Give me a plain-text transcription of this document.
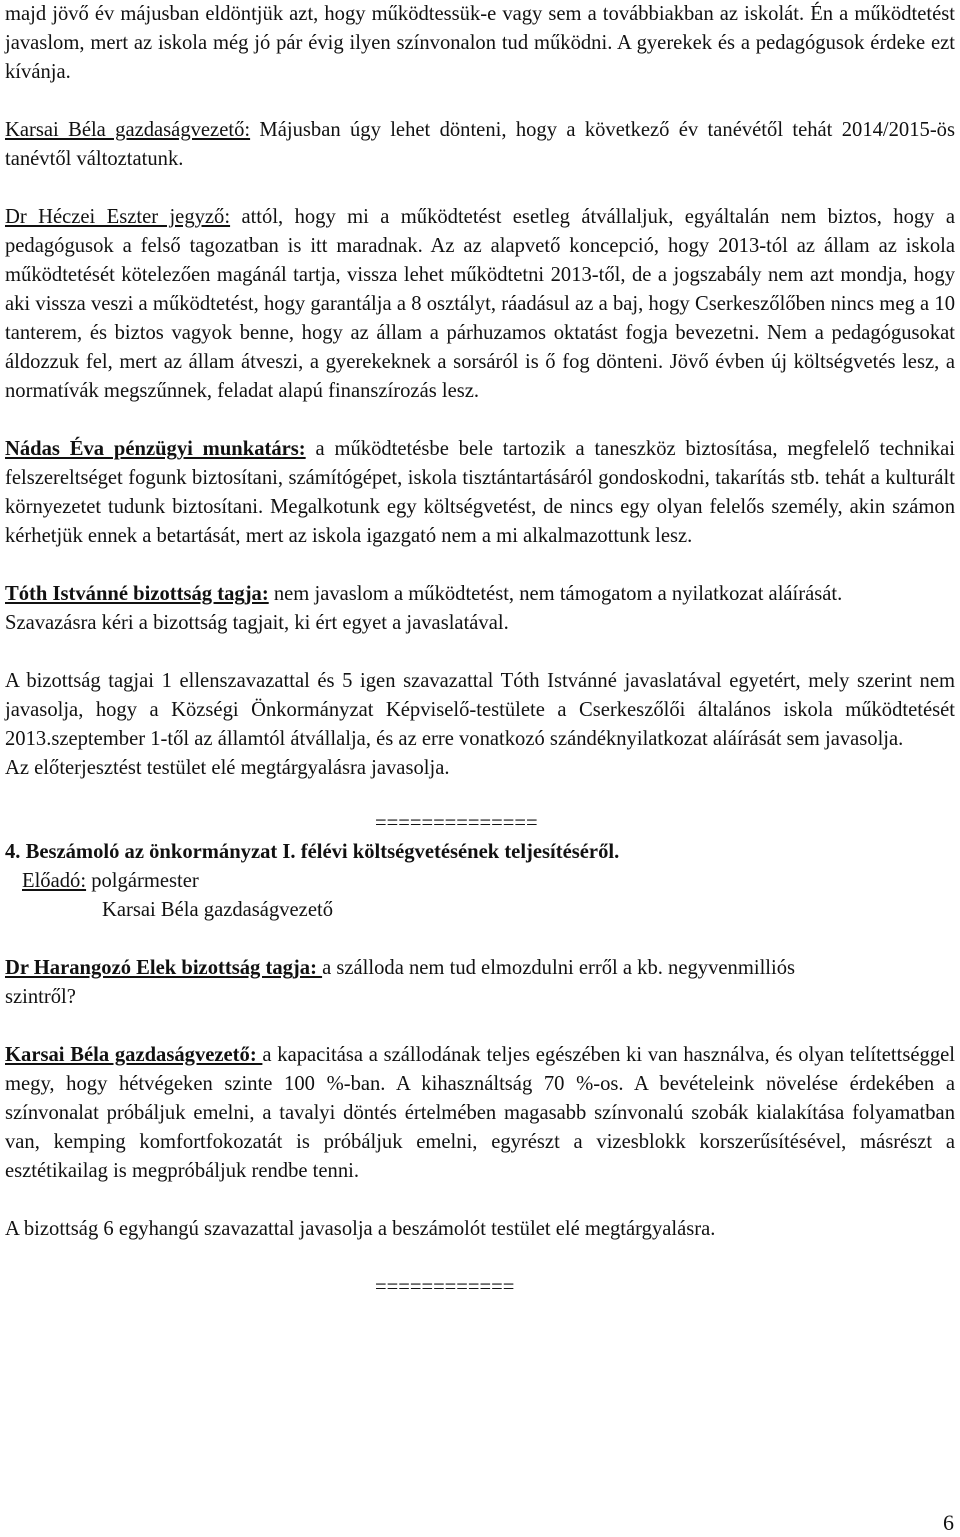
majd jövő év májusban eldöntjük azt, hogy működtessük-e vagy sem a továbbiakban az iskolát. Én a működtetést javaslom, mert az iskola még jó pár évig ilyen színvonalon tud működni. A gyerekek és a pedagógusok érdeke ezt kívánja.

Karsai Béla gazdaságvezető: Májusban úgy lehet dönteni, hogy a következő év tanévétől tehát 2014/2015-ös tanévtől változtatunk.

Dr Héczei Eszter jegyző: attól, hogy mi a működtetést esetleg átvállaljuk, egyáltalán nem biztos, hogy a pedagógusok a felső tagozatban is itt maradnak. Az az alapvető koncepció, hogy 2013-tól az állam az iskola működtetését kötelezően magánál tartja, vissza lehet működtetni 2013-től, de a jogszabály nem azt mondja, hogy aki vissza veszi a működtetést, hogy garantálja a 8 osztályt, ráadásul az a baj, hogy Cserkeszőlőben nincs meg a 10 tanterem, és biztos vagyok benne, hogy az állam a párhuzamos oktatást fogja bevezetni. Nem a pedagógusokat áldozzuk fel, mert az állam átveszi, a gyerekeknek a sorsáról is ő fog dönteni. Jövő évben új költségvetés lesz, a normatívák megszűnnek, feladat alapú finanszírozás lesz.

Nádas Éva pénzügyi munkatárs: a működtetésbe bele tartozik a taneszköz biztosítása, megfelelő technikai felszereltséget fogunk biztosítani, számítógépet, iskola tisztántartásáról gondoskodni, takarítás stb. tehát a kulturált környezetet tudunk biztosítani. Megalkotunk egy költségvetést, de nincs egy olyan felelős személy, akin számon kérhetjük ennek a betartását, mert az iskola igazgató nem a mi alkalmazottunk lesz.

Tóth Istvánné bizottság tagja: nem javaslom a működtetést, nem támogatom a nyilatkozat aláírását.

Szavazásra kéri a bizottság tagjait, ki ért egyet a javaslatával.

A bizottság tagjai 1 ellenszavazattal és 5 igen szavazattal Tóth Istvánné javaslatával egyetért, mely szerint nem javasolja, hogy a Községi Önkormányzat Képviselő-testülete a Cserkeszőlői általános iskola működtetését 2013.szeptember 1-től az államtól átvállalja, és az erre vonatkozó szándéknyilatkozat aláírását sem javasolja.

Az előterjesztést testület elé megtárgyalásra javasolja.

==============

4. Beszámoló az önkormányzat I. félévi költségvetésének teljesítéséről.

Előadó: polgármester

Karsai Béla gazdaságvezető

Dr Harangozó Elek bizottság tagja: a szálloda nem tud elmozdulni erről a kb. negyvenmilliós szintről?

Karsai Béla gazdaságvezető: a kapacitása a szállodának teljes egészében ki van használva, és olyan telítettséggel megy, hogy hétvégeken szinte 100 %-ban. A kihasználtság 70 %-os. A bevételeink növelése érdekében a színvonalat próbáljuk emelni, a tavalyi döntés értelmében magasabb színvonalú szobák kialakítása folyamatban van, kemping komfortfokozatát is próbáljuk emelni, egyrészt a vizesblokk korszerűsítésével, másrészt a esztétikailag is megpróbáljuk rendbe tenni.

A bizottság 6 egyhangú szavazattal javasolja a beszámolót testület elé megtárgyalásra.

============

6
